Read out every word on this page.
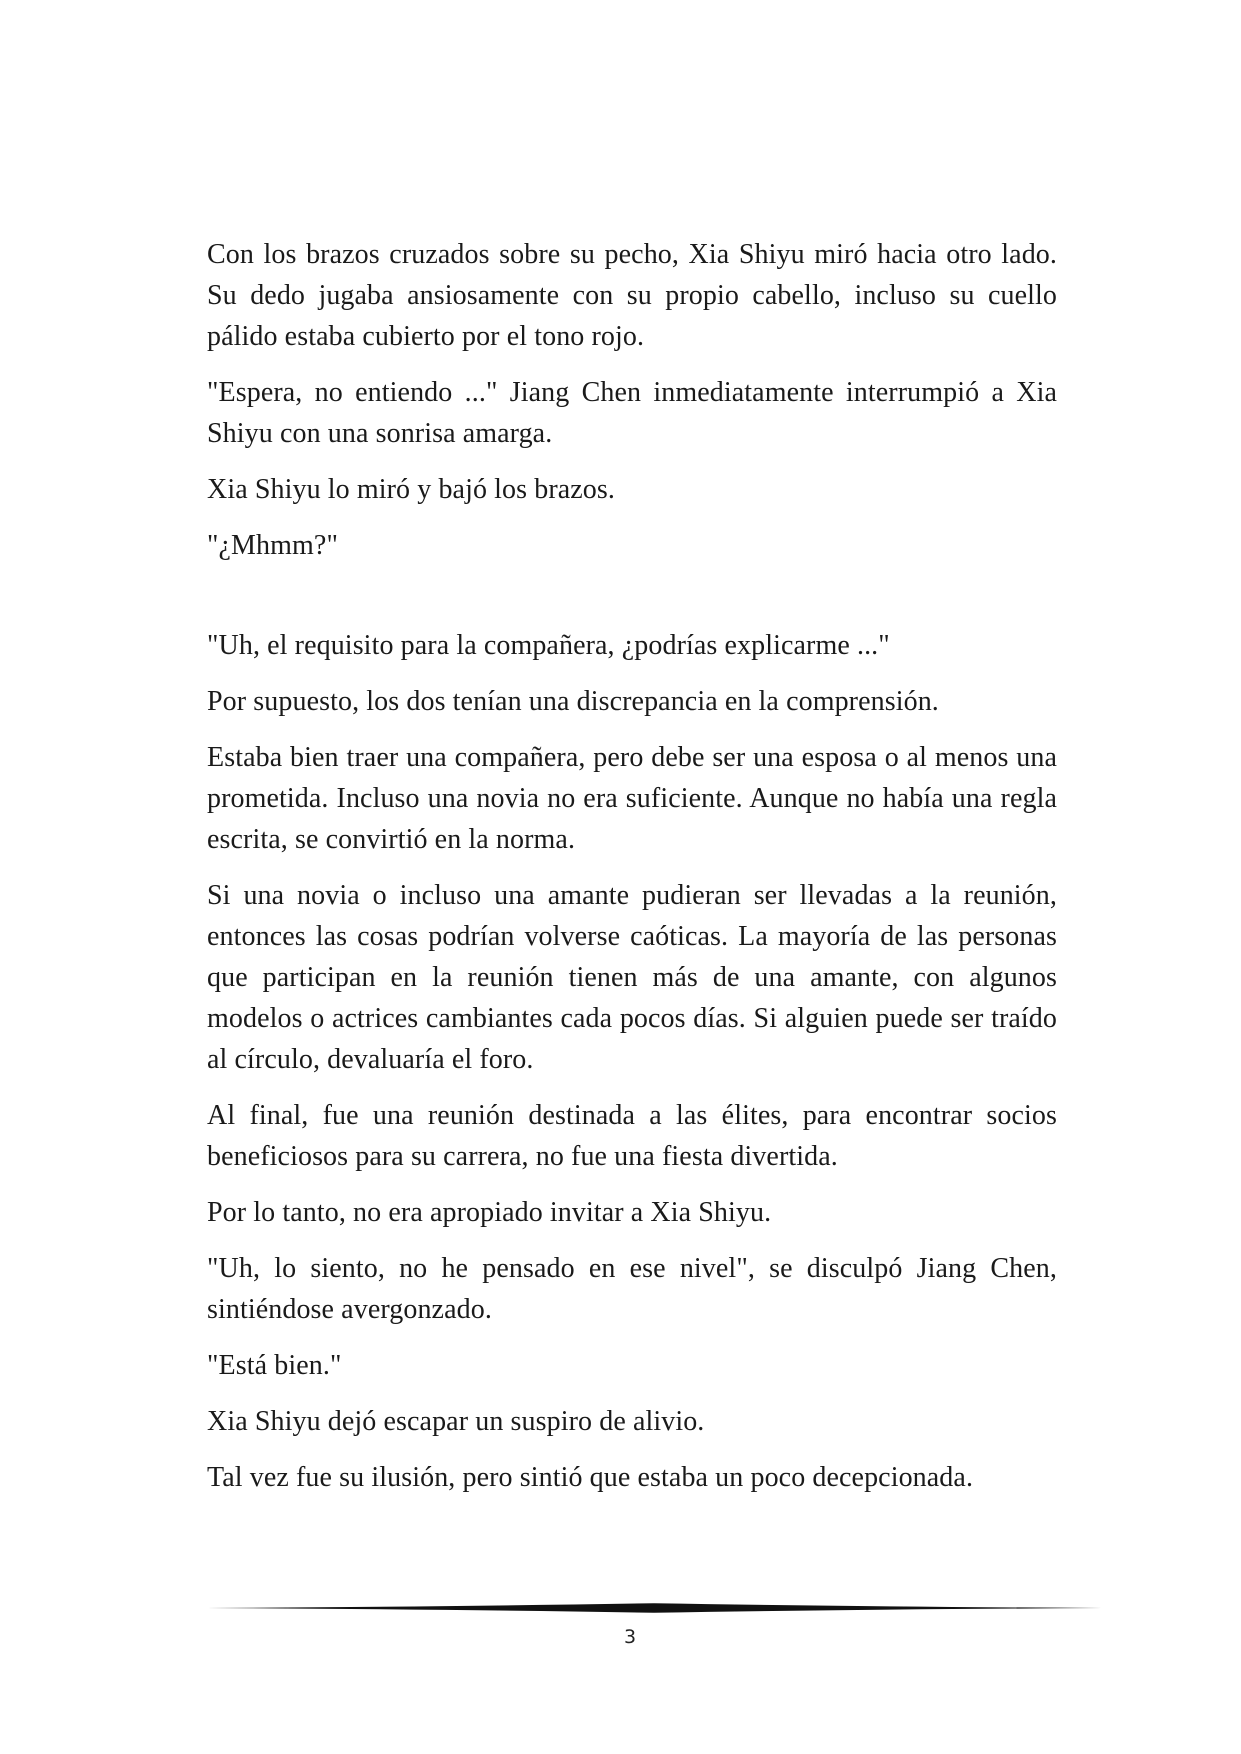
Con los brazos cruzados sobre su pecho, Xia Shiyu miró hacia otro lado. Su dedo jugaba ansiosamente con su propio cabello, incluso su cuello pálido estaba cubierto por el tono rojo.

"Espera, no entiendo ..." Jiang Chen inmediatamente interrumpió a Xia Shiyu con una sonrisa amarga.

Xia Shiyu lo miró y bajó los brazos.

"¿Mhmm?"

"Uh, el requisito para la compañera, ¿podrías explicarme ..."

Por supuesto, los dos tenían una discrepancia en la comprensión.

Estaba bien traer una compañera, pero debe ser una esposa o al menos una prometida. Incluso una novia no era suficiente. Aunque no había una regla escrita, se convirtió en la norma.

Si una novia o incluso una amante pudieran ser llevadas a la reunión, entonces las cosas podrían volverse caóticas. La mayoría de las personas que participan en la reunión tienen más de una amante, con algunos modelos o actrices cambiantes cada pocos días. Si alguien puede ser traído al círculo, devaluaría el foro.

Al final, fue una reunión destinada a las élites, para encontrar socios beneficiosos para su carrera, no fue una fiesta divertida.

Por lo tanto, no era apropiado invitar a Xia Shiyu.

"Uh, lo siento, no he pensado en ese nivel", se disculpó Jiang Chen, sintiéndose avergonzado.

"Está bien."

Xia Shiyu dejó escapar un suspiro de alivio.

Tal vez fue su ilusión, pero sintió que estaba un poco decepcionada.

3
